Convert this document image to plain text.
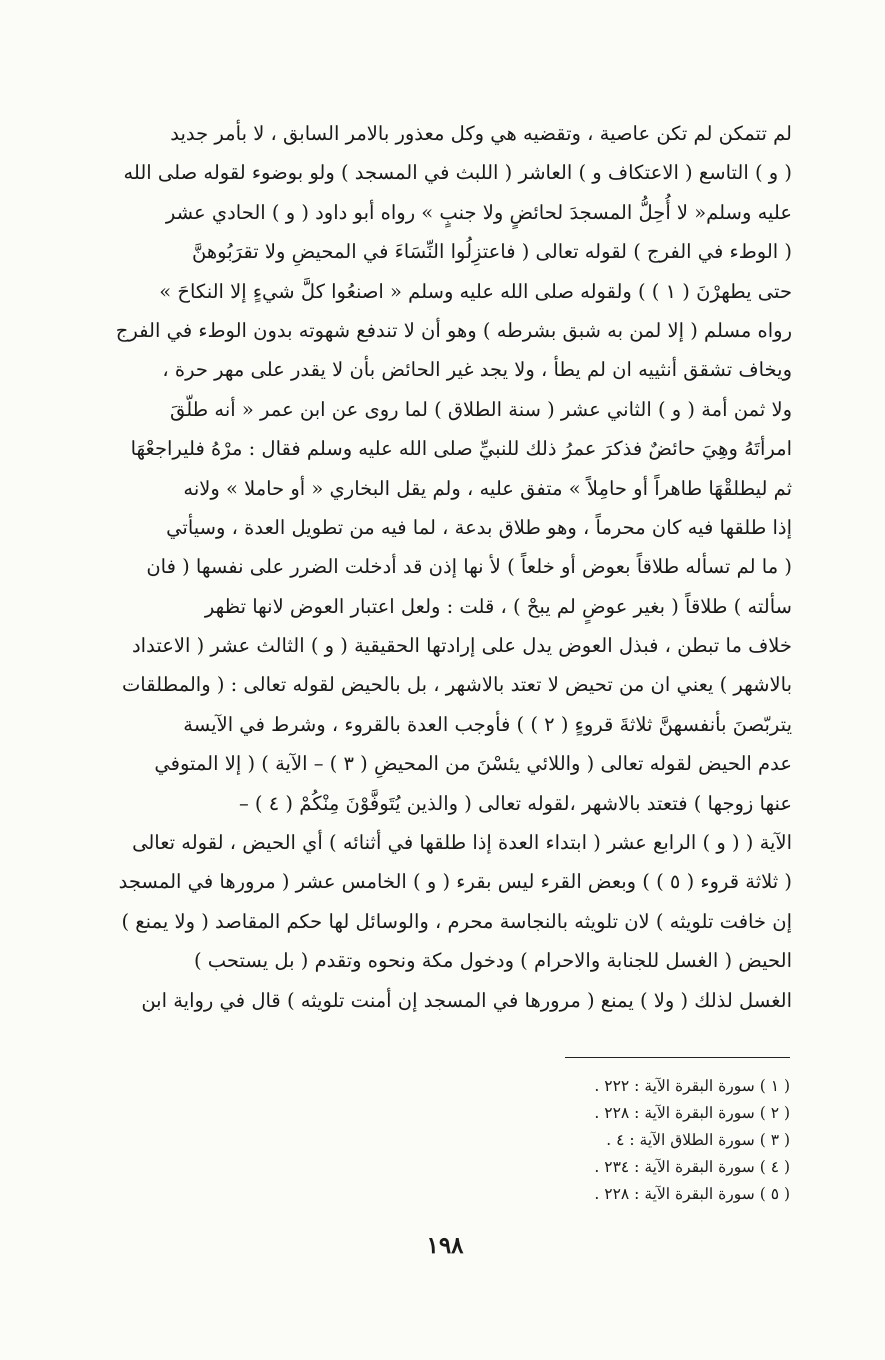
لم تتمكن لم تكن عاصية ، وتقضيه هي وكل معذور بالامر السابق ، لا بأمر جديد
( و ) التاسع ( الاعتكاف و ) العاشر ( اللبث في المسجد ) ولو بوضوء لقوله صلى الله
عليه وسلم« لا أُحِلُّ المسجدَ لحائضٍ ولا جنبٍ » رواه أبو داود ( و ) الحادي عشر
( الوطء في الفرج ) لقوله تعالى ( فاعتزِلُوا النِّسَاءَ في المحيضِ ولا تقرَبُوهنَّ
حتى يطهرْنَ ( ١ ) ) ولقوله صلى الله عليه وسلم « اصنعُوا كلَّ شيءٍ إلا النكاحَ »
رواه مسلم ( إلا لمن به شبق بشرطه ) وهو أن لا تندفع شهوته بدون الوطء في الفرج
ويخاف تشقق أنثييه ان لم يطأ ، ولا يجد غير الحائض بأن لا يقدر على مهر حرة ،
ولا ثمن أمة ( و ) الثاني عشر ( سنة الطلاق ) لما روى عن ابن عمر « أنه طلّقَ
امرأتَهُ وهِيَ حائضٌ فذكرَ عمرُ ذلك للنبيِّ صلى الله عليه وسلم فقال : مرْهُ فليراجعْهَا
ثم ليطلقْهَا طاهراً أو حامِلاً » متفق عليه ، ولم يقل البخاري « أو حاملا » ولانه
إذا طلقها فيه كان محرماً ، وهو طلاق بدعة ، لما فيه من تطويل العدة ، وسيأتي
( ما لم تسأله طلاقاً بعوض أو خلعاً ) لأ نها إذن قد أدخلت الضرر على نفسها ( فان
سألته ) طلاقاً ( بغير عوضٍ لم يبحْ ) ، قلت : ولعل اعتبار العوض لانها تظهر
خلاف ما تبطن ، فبذل العوض يدل على إرادتها الحقيقية ( و ) الثالث عشر ( الاعتداد
بالاشهر ) يعني ان من تحيض لا تعتد بالاشهر ، بل بالحيض لقوله تعالى : ( والمطلقات
يتربّصنَ بأنفسهنَّ ثلاثةَ قروءٍ ( ٢ ) ) فأوجب العدة بالقروء ، وشرط في الآيسة
عدم الحيض لقوله تعالى ( واللائي يئسْنَ من المحيضِ ( ٣ ) – الآية ) ( إلا المتوفي
عنها زوجها ) فتعتد بالاشهر ،لقوله تعالى ( والذين يُتَوفَّوْنَ مِنْكُمْ ( ٤ ) –
الآية ( ( و ) الرابع عشر ( ابتداء العدة إذا طلقها في أثنائه ) أي الحيض ، لقوله تعالى
( ثلاثة قروء ( ٥ ) ) وبعض القرء ليس بقرء ( و ) الخامس عشر ( مرورها في المسجد
إن خافت تلويثه ) لان تلويثه بالنجاسة محرم ، والوسائل لها حكم المقاصد ( ولا يمنع )
الحيض ( الغسل للجنابة والاحرام ) ودخول مكة ونحوه وتقدم ( بل يستحب )
الغسل لذلك ( ولا ) يمنع ( مرورها في المسجد إن أمنت تلويثه ) قال في رواية ابن
( ١ ) سورة البقرة الآية : ٢٢٢ .
( ٢ ) سورة البقرة الآية : ٢٢٨ .
( ٣ ) سورة الطلاق الآية : ٤ .
( ٤ ) سورة البقرة الآية : ٢٣٤ .
( ٥ ) سورة البقرة الآية : ٢٢٨ .
١٩٨
